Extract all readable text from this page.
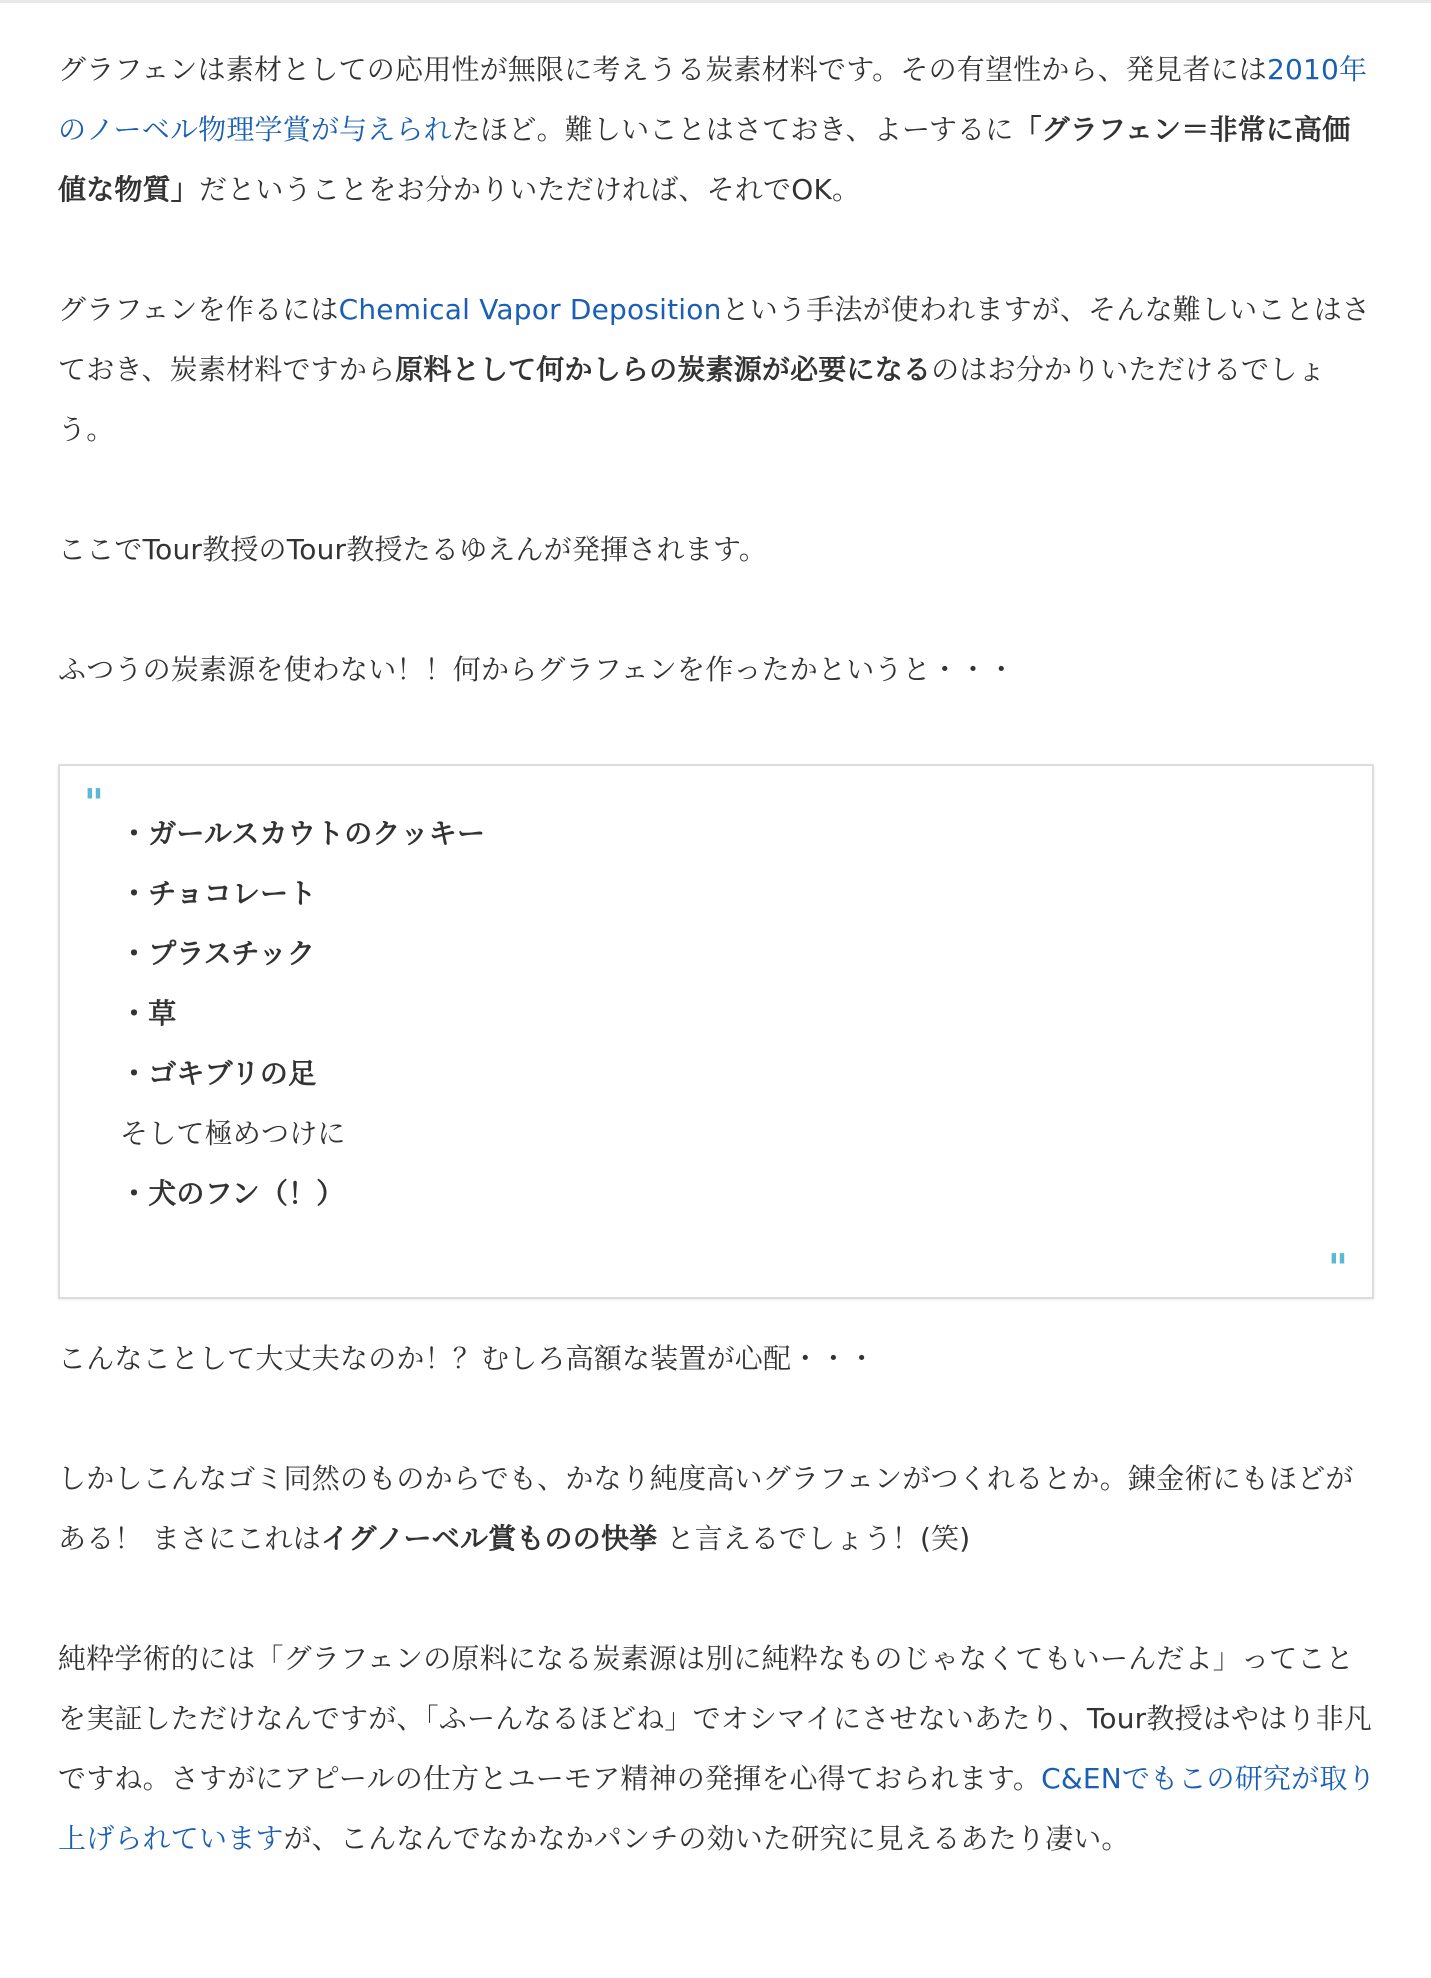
グラフェンは素材としての応用性が無限に考えうる炭素材料です。その有望性から、発見者には2010年のノーベル物理学賞が与えられたほど。難しいことはさておき、よーするに「グラフェン＝非常に高価値な物質」だということをお分かりいただければ、それでOK。

グラフェンを作るにはChemical Vapor Depositionという手法が使われますが、そんな難しいことはさておき、炭素材料ですから原料として何かしらの炭素源が必要になるのはお分かりいただけるでしょう。

ここでTour教授のTour教授たるゆえんが発揮されます。

ふつうの炭素源を使わない！！何からグラフェンを作ったかというと・・・

"
・ガールスカウトのクッキー
・チョコレート
・プラスチック
・草
・ゴキブリの足
そして極めつけに
・犬のフン（！）
"

こんなことして大丈夫なのか！？むしろ高額な装置が心配・・・

しかしこんなゴミ同然のものからでも、かなり純度高いグラフェンがつくれるとか。錬金術にもほどがある！ まさにこれはイグノーベル賞ものの快挙 と言えるでしょう！(笑)

純粋学術的には「グラフェンの原料になる炭素源は別に純粋なものじゃなくてもいーんだよ」ってことを実証しただけなんですが、「ふーんなるほどね」でオシマイにさせないあたり、Tour教授はやはり非凡ですね。さすがにアピールの仕方とユーモア精神の発揮を心得ておられます。C&ENでもこの研究が取り上げられていますが、こんなんでなかなかパンチの効いた研究に見えるあたり凄い。
